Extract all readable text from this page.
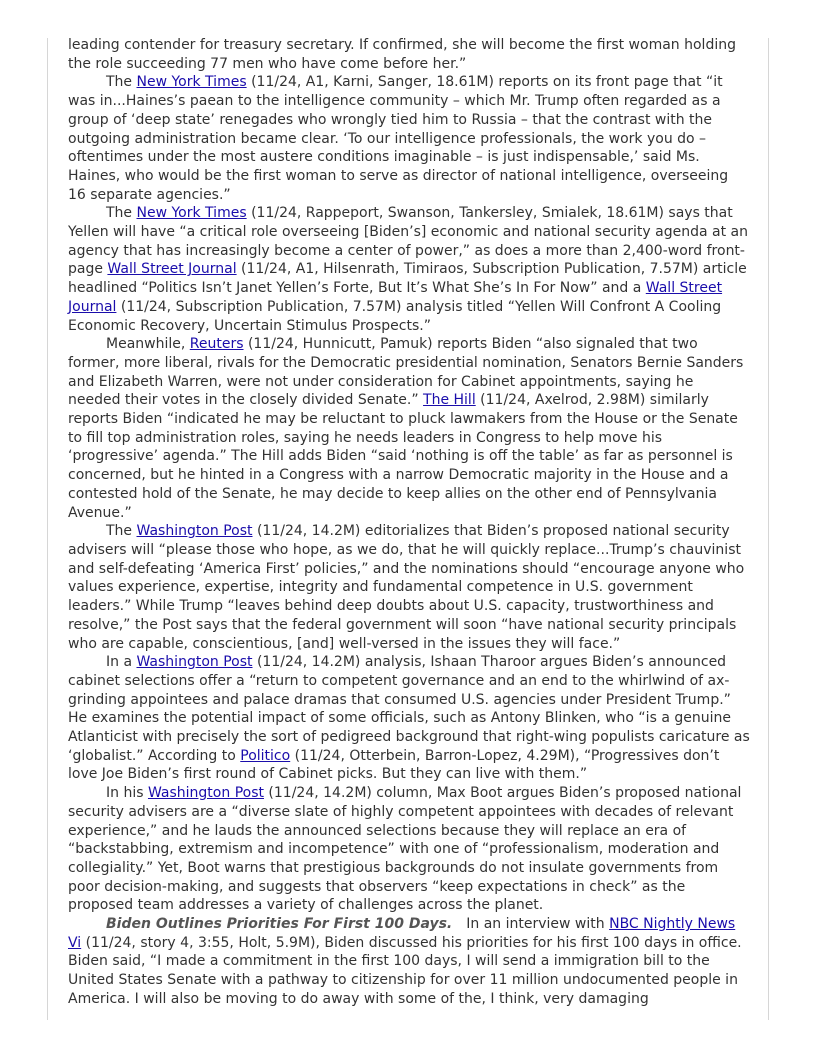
leading contender for treasury secretary. If confirmed, she will become the first woman holding the role succeeding 77 men who have come before her.”

The New York Times (11/24, A1, Karni, Sanger, 18.61M) reports on its front page that “it was in...Haines’s paean to the intelligence community – which Mr. Trump often regarded as a group of ‘deep state’ renegades who wrongly tied him to Russia – that the contrast with the outgoing administration became clear. ‘To our intelligence professionals, the work you do – oftentimes under the most austere conditions imaginable – is just indispensable,’ said Ms. Haines, who would be the first woman to serve as director of national intelligence, overseeing 16 separate agencies.”

The New York Times (11/24, Rappeport, Swanson, Tankersley, Smialek, 18.61M) says that Yellen will have “a critical role overseeing [Biden’s] economic and national security agenda at an agency that has increasingly become a center of power,” as does a more than 2,400-word front-page Wall Street Journal (11/24, A1, Hilsenrath, Timiraos, Subscription Publication, 7.57M) article headlined “Politics Isn’t Janet Yellen’s Forte, But It’s What She’s In For Now” and a Wall Street Journal (11/24, Subscription Publication, 7.57M) analysis titled “Yellen Will Confront A Cooling Economic Recovery, Uncertain Stimulus Prospects.”

Meanwhile, Reuters (11/24, Hunnicutt, Pamuk) reports Biden “also signaled that two former, more liberal, rivals for the Democratic presidential nomination, Senators Bernie Sanders and Elizabeth Warren, were not under consideration for Cabinet appointments, saying he needed their votes in the closely divided Senate.” The Hill (11/24, Axelrod, 2.98M) similarly reports Biden “indicated he may be reluctant to pluck lawmakers from the House or the Senate to fill top administration roles, saying he needs leaders in Congress to help move his ‘progressive’ agenda.” The Hill adds Biden “said ‘nothing is off the table’ as far as personnel is concerned, but he hinted in a Congress with a narrow Democratic majority in the House and a contested hold of the Senate, he may decide to keep allies on the other end of Pennsylvania Avenue.”

The Washington Post (11/24, 14.2M) editorializes that Biden’s proposed national security advisers will “please those who hope, as we do, that he will quickly replace...Trump’s chauvinist and self-defeating ‘America First’ policies,” and the nominations should “encourage anyone who values experience, expertise, integrity and fundamental competence in U.S. government leaders.” While Trump “leaves behind deep doubts about U.S. capacity, trustworthiness and resolve,” the Post says that the federal government will soon “have national security principals who are capable, conscientious, [and] well-versed in the issues they will face.”

In a Washington Post (11/24, 14.2M) analysis, Ishaan Tharoor argues Biden’s announced cabinet selections offer a “return to competent governance and an end to the whirlwind of ax-grinding appointees and palace dramas that consumed U.S. agencies under President Trump.” He examines the potential impact of some officials, such as Antony Blinken, who “is a genuine Atlanticist with precisely the sort of pedigreed background that right-wing populists caricature as ‘globalist.” According to Politico (11/24, Otterbein, Barron-Lopez, 4.29M), “Progressives don’t love Joe Biden’s first round of Cabinet picks. But they can live with them.”

In his Washington Post (11/24, 14.2M) column, Max Boot argues Biden’s proposed national security advisers are a “diverse slate of highly competent appointees with decades of relevant experience,” and he lauds the announced selections because they will replace an era of “backstabbing, extremism and incompetence” with one of “professionalism, moderation and collegiality.” Yet, Boot warns that prestigious backgrounds do not insulate governments from poor decision-making, and suggests that observers “keep expectations in check” as the proposed team addresses a variety of challenges across the planet.

Biden Outlines Priorities For First 100 Days. In an interview with NBC Nightly News Vi (11/24, story 4, 3:55, Holt, 5.9M), Biden discussed his priorities for his first 100 days in office. Biden said, “I made a commitment in the first 100 days, I will send a immigration bill to the United States Senate with a pathway to citizenship for over 11 million undocumented people in America. I will also be moving to do away with some of the, I think, very damaging
